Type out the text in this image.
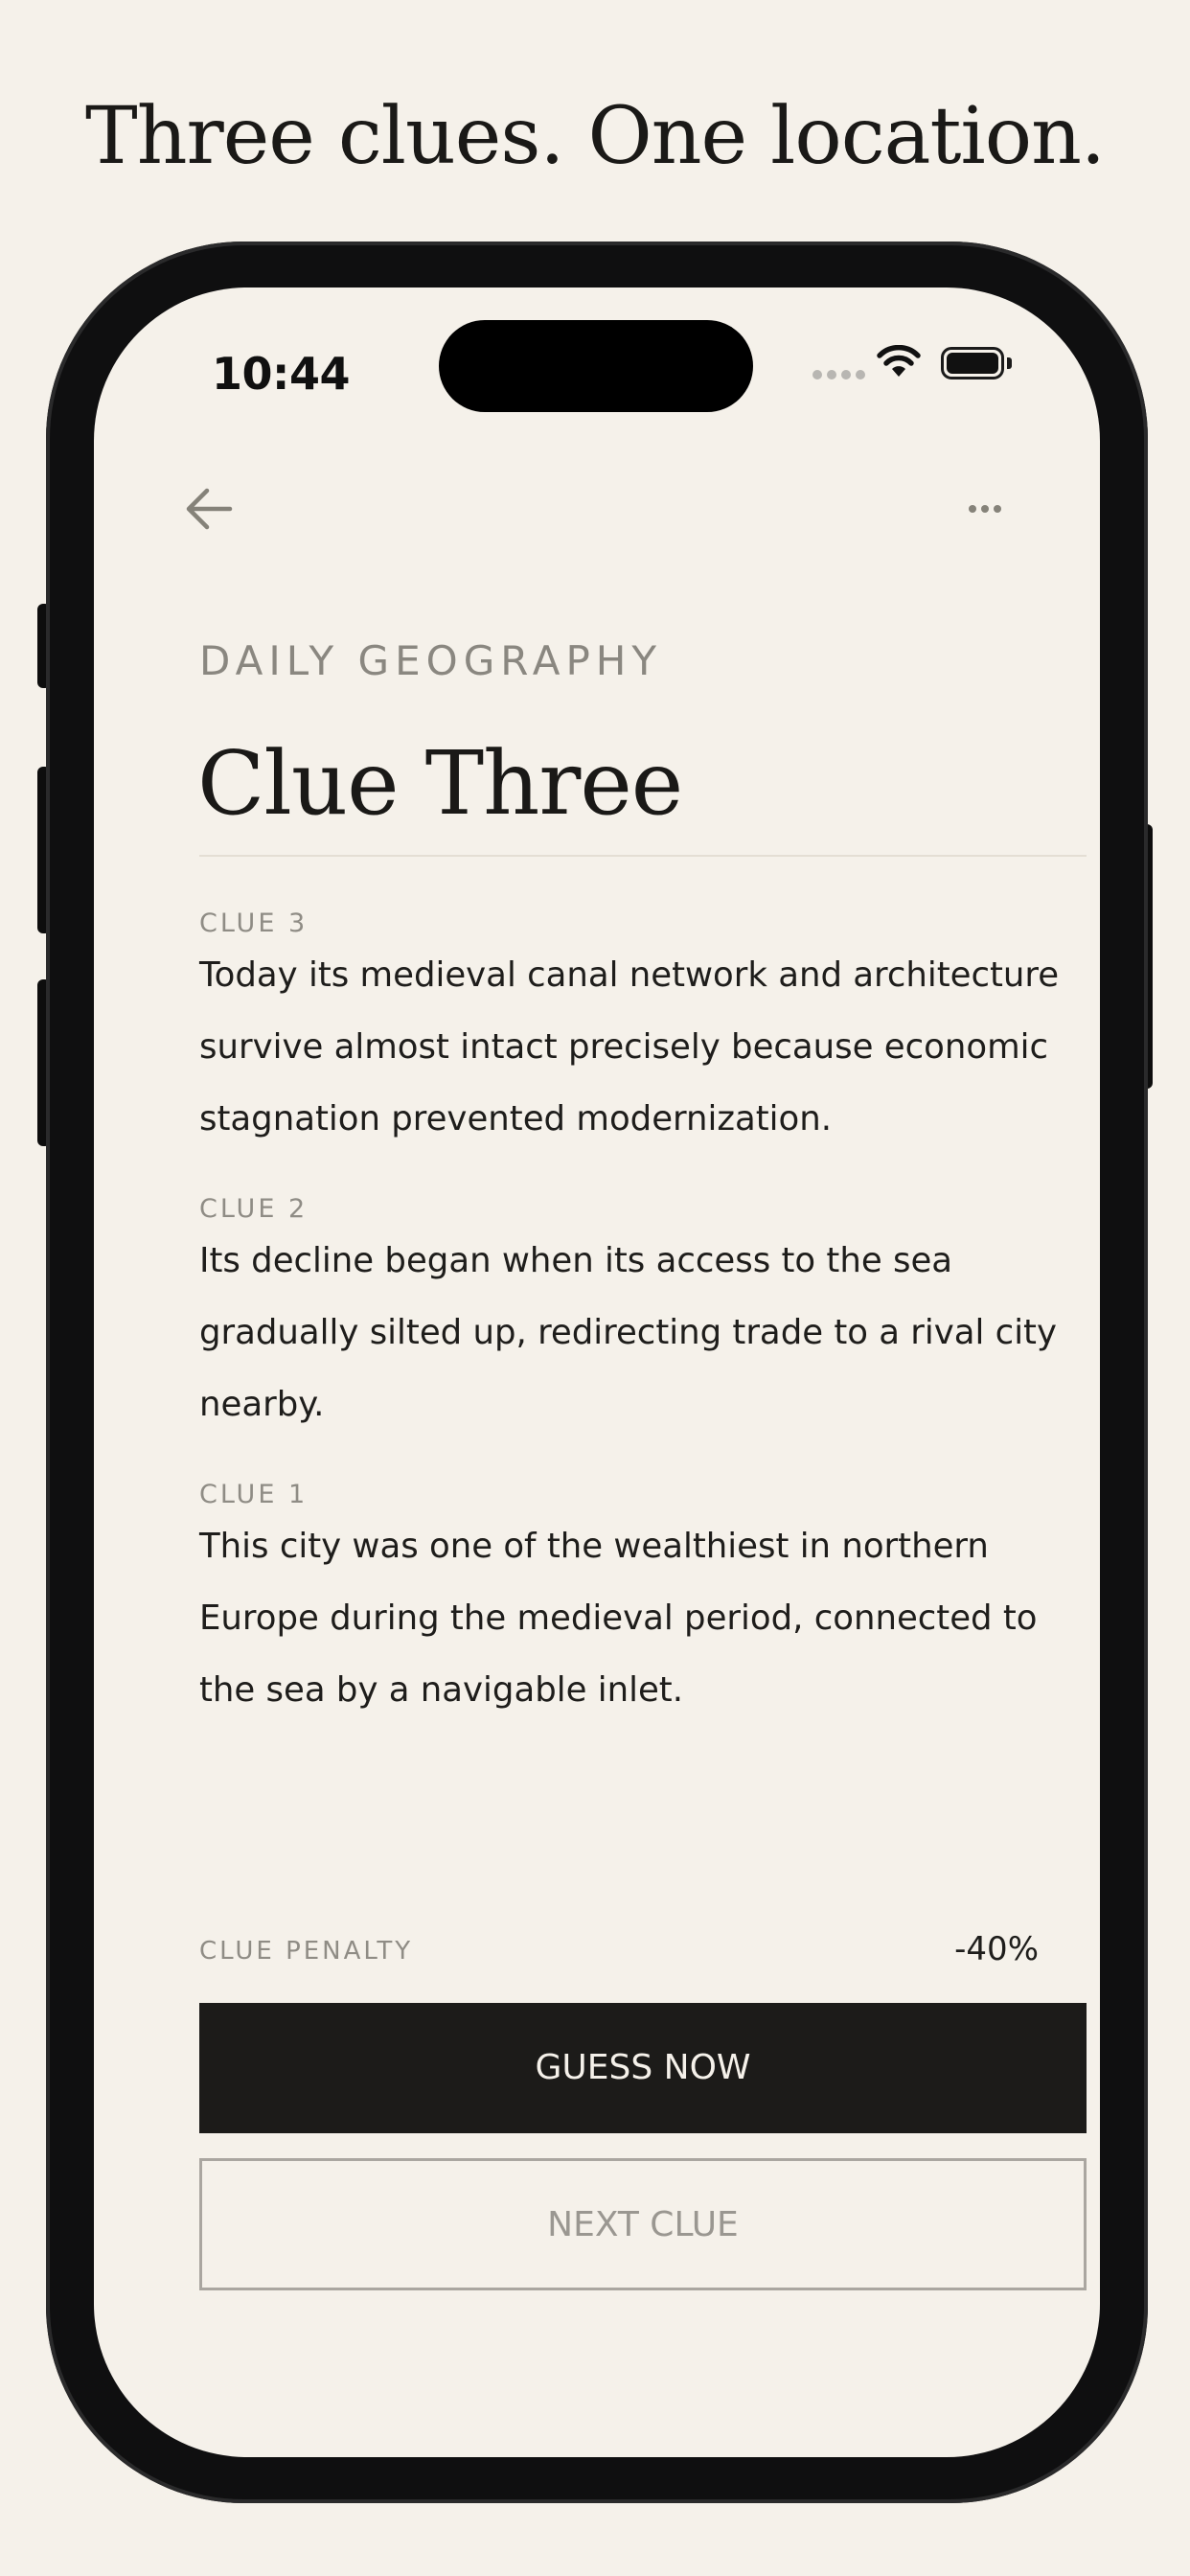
Three clues. One location.
10:44
DAILY GEOGRAPHY
Clue Three
CLUE 3
Today its medieval canal network and architecture survive almost intact precisely because economic stagnation prevented modernization.
CLUE 2
Its decline began when its access to the sea gradually silted up, redirecting trade to a rival city nearby.
CLUE 1
This city was one of the wealthiest in northern Europe during the medieval period, connected to the sea by a navigable inlet.
CLUE PENALTY	-40%
GUESS NOW
NEXT CLUE
